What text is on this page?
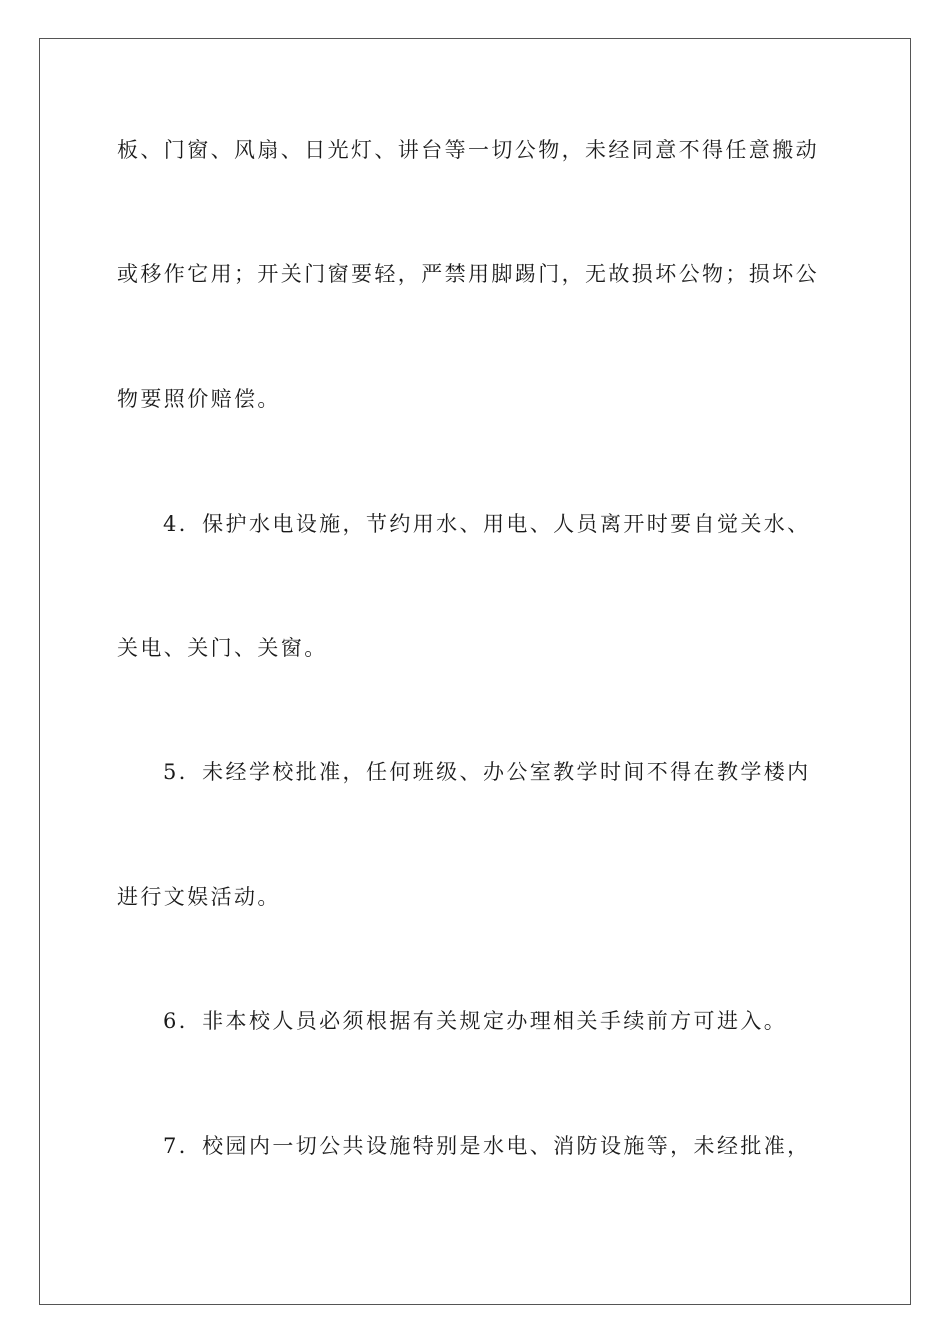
板、门窗、风扇、日光灯、讲台等一切公物，未经同意不得任意搬动
或移作它用；开关门窗要轻，严禁用脚踢门，无故损坏公物；损坏公
物要照价赔偿。
4．保护水电设施，节约用水、用电、人员离开时要自觉关水、
关电、关门、关窗。
5．未经学校批准，任何班级、办公室教学时间不得在教学楼内
进行文娱活动。
6．非本校人员必须根据有关规定办理相关手续前方可进入。
7．校园内一切公共设施特别是水电、消防设施等，未经批准，
